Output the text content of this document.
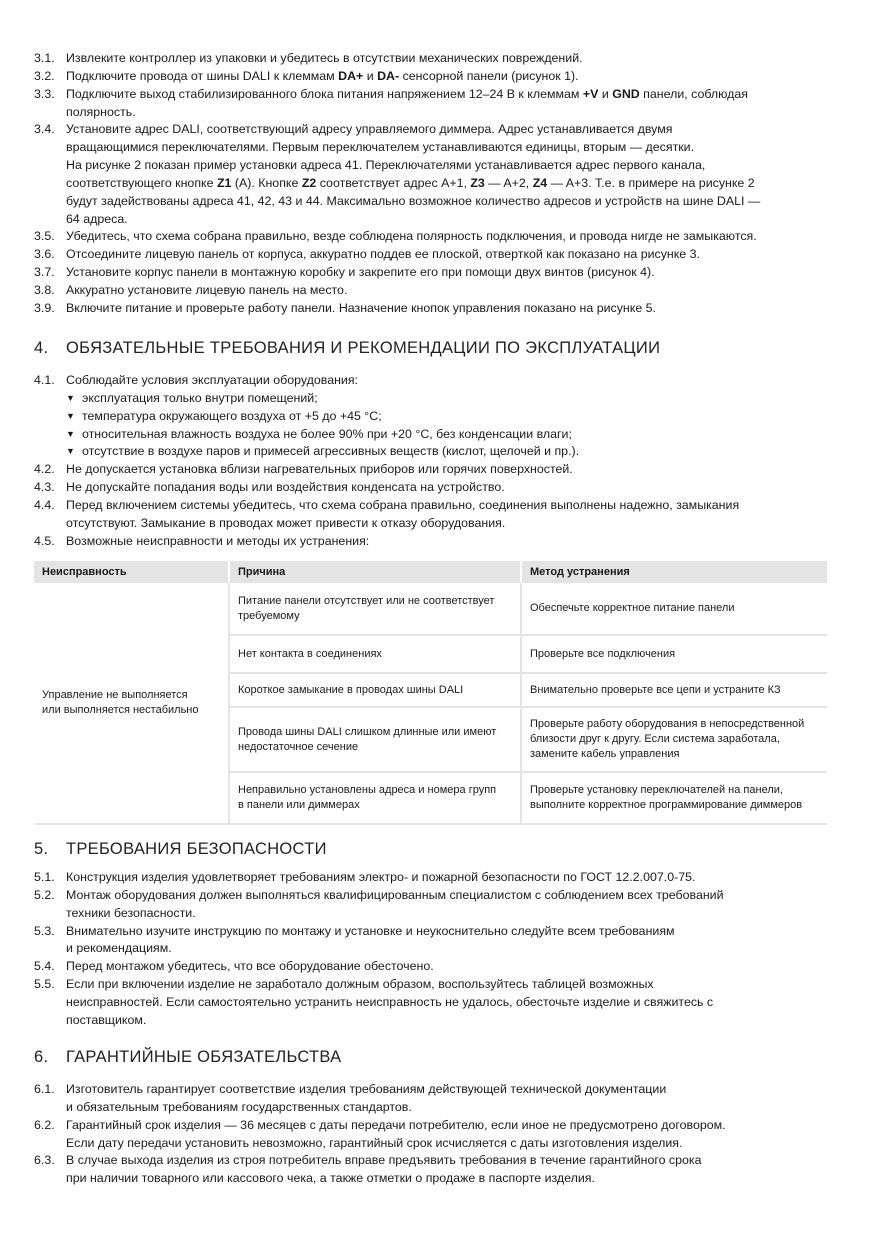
3.1. Извлеките контроллер из упаковки и убедитесь в отсутствии механических повреждений.
3.2. Подключите провода от шины DALI к клеммам DA+ и DA- сенсорной панели (рисунок 1).
3.3. Подключите выход стабилизированного блока питания напряжением 12–24 В к клеммам +V и GND панели, соблюдая
полярность.
3.4. Установите адрес DALI, соответствующий адресу управляемого диммера. Адрес устанавливается двумя
вращающимися переключателями. Первым переключателем устанавливаются единицы, вторым — десятки.
На рисунке 2 показан пример установки адреса 41. Переключателями устанавливается адрес первого канала,
соответствующего кнопке Z1 (A). Кнопке Z2 соответствует адрес A+1, Z3 — A+2, Z4 — A+3. Т.е. в примере на рисунке 2
будут задействованы адреса 41, 42, 43 и 44. Максимально возможное количество адресов и устройств на шине DALI —
64 адреса.
3.5. Убедитесь, что схема собрана правильно, везде соблюдена полярность подключения, и провода нигде не замыкаются.
3.6. Отсоедините лицевую панель от корпуса, аккуратно поддев ее плоской, отверткой как показано на рисунке 3.
3.7. Установите корпус панели в монтажную коробку и закрепите его при помощи двух винтов (рисунок 4).
3.8. Аккуратно установите лицевую панель на место.
3.9. Включите питание и проверьте работу панели. Назначение кнопок управления показано на рисунке 5.
4. ОБЯЗАТЕЛЬНЫЕ ТРЕБОВАНИЯ И РЕКОМЕНДАЦИИ ПО ЭКСПЛУАТАЦИИ
4.1. Соблюдайте условия эксплуатации оборудования:
▼ эксплуатация только внутри помещений;
▼ температура окружающего воздуха от +5 до +45 °C;
▼ относительная влажность воздуха не более 90% при +20 °C, без конденсации влаги;
▼ отсутствие в воздухе паров и примесей агрессивных веществ (кислот, щелочей и пр.).
4.2. Не допускается установка вблизи нагревательных приборов или горячих поверхностей.
4.3. Не допускайте попадания воды или воздействия конденсата на устройство.
4.4. Перед включением системы убедитесь, что схема собрана правильно, соединения выполнены надежно, замыкания
отсутствуют. Замыкание в проводах может привести к отказу оборудования.
4.5. Возможные неисправности и методы их устранения:
Неисправность	Причина	Метод устранения
Управление не выполняется
или выполняется нестабильно	Питание панели отсутствует или не соответствует
требуемому	Обеспечьте корректное питание панели
	Нет контакта в соединениях	Проверьте все подключения
	Короткое замыкание в проводах шины DALI	Внимательно проверьте все цепи и устраните КЗ
	Провода шины DALI слишком длинные или имеют
недостаточное сечение	Проверьте работу оборудования в непосредственной
близости друг к другу. Если система заработала,
замените кабель управления
	Неправильно установлены адреса и номера групп
в панели или диммерах	Проверьте установку переключателей на панели,
выполните корректное программирование диммеров
5. ТРЕБОВАНИЯ БЕЗОПАСНОСТИ
5.1. Конструкция изделия удовлетворяет требованиям электро- и пожарной безопасности по ГОСТ 12.2.007.0-75.
5.2. Монтаж оборудования должен выполняться квалифицированным специалистом с соблюдением всех требований
техники безопасности.
5.3. Внимательно изучите инструкцию по монтажу и установке и неукоснительно следуйте всем требованиям
и рекомендациям.
5.4. Перед монтажом убедитесь, что все оборудование обесточено.
5.5. Если при включении изделие не заработало должным образом, воспользуйтесь таблицей возможных
неисправностей. Если самостоятельно устранить неисправность не удалось, обесточьте изделие и свяжитесь с
поставщиком.
6. ГАРАНТИЙНЫЕ ОБЯЗАТЕЛЬСТВА
6.1. Изготовитель гарантирует соответствие изделия требованиям действующей технической документации
и обязательным требованиям государственных стандартов.
6.2. Гарантийный срок изделия — 36 месяцев с даты передачи потребителю, если иное не предусмотрено договором.
Если дату передачи установить невозможно, гарантийный срок исчисляется с даты изготовления изделия.
6.3. В случае выхода изделия из строя потребитель вправе предъявить требования в течение гарантийного срока
при наличии товарного или кассового чека, а также отметки о продаже в паспорте изделия.
